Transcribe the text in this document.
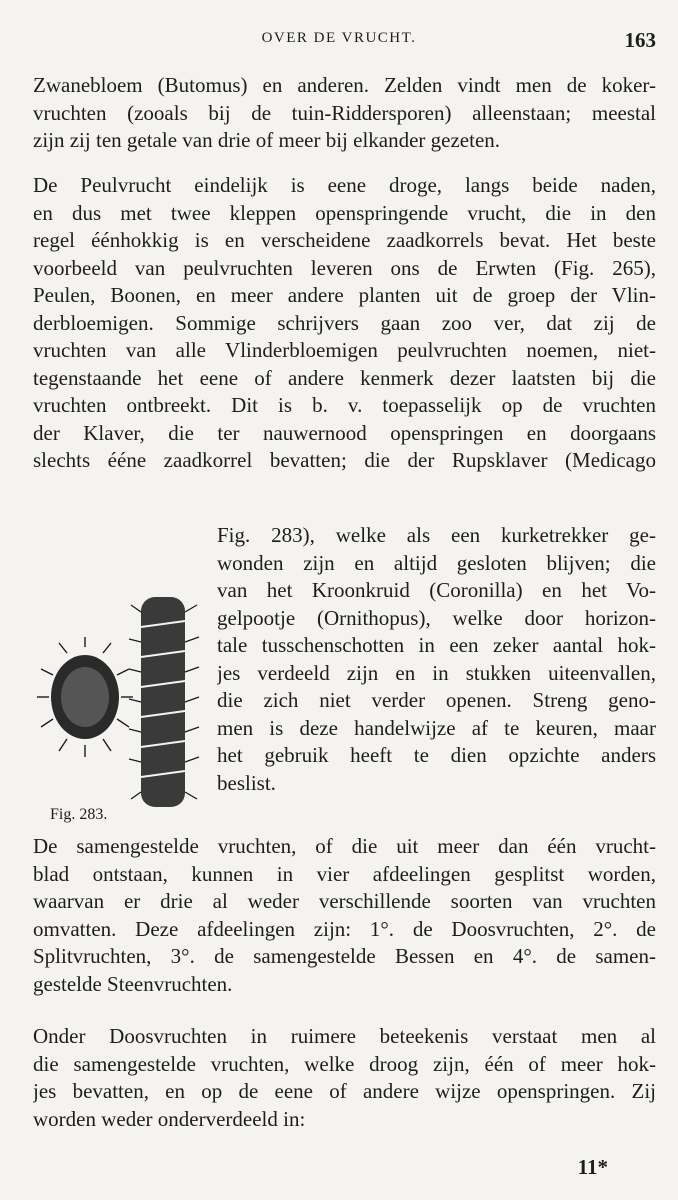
OVER DE VRUCHT.	163
Zwanebloem (Butomus) en anderen. Zelden vindt men de koker-
vruchten (zooals bij de tuin-Riddersporen) alleenstaan; meestal
zijn zij ten getale van drie of meer bij elkander gezeten.
De Peulvrucht eindelijk is eene droge, langs beide naden,
en dus met twee kleppen openspringende vrucht, die in den
regel éénhokkig is en verscheidene zaadkorrels bevat. Het beste
voorbeeld van peulvruchten leveren ons de Erwten (Fig. 265),
Peulen, Boonen, en meer andere planten uit de groep der Vlin-
derbloemigen. Sommige schrijvers gaan zoo ver, dat zij de
vruchten van alle Vlinderbloemigen peulvruchten noemen, niet-
tegenstaande het eene of andere kenmerk dezer laatsten bij die
vruchten ontbreekt. Dit is b. v. toepasselijk op de vruchten
der Klaver, die ter nauwernood openspringen en doorgaans
slechts ééne zaadkorrel bevatten; die der Rupsklaver (Medicago
Fig. 283), welke als een kurketrekker ge-
wonden zijn en altijd gesloten blijven; die
van het Kroonkruid (Coronilla) en het Vo-
gelpootje (Ornithopus), welke door horizon-
tale tusschenschotten in een zeker aantal hok-
jes verdeeld zijn en in stukken uiteenvallen,
die zich niet verder openen. Streng geno-
men is deze handelwijze af te keuren, maar
het gebruik heeft te dien opzichte anders
beslist.
Fig. 283.
De samengestelde vruchten, of die uit meer dan één vrucht-
blad ontstaan, kunnen in vier afdeelingen gesplitst worden,
waarvan er drie al weder verschillende soorten van vruchten
omvatten. Deze afdeelingen zijn: 1°. de Doosvruchten, 2°. de
Splitvruchten, 3°. de samengestelde Bessen en 4°. de samen-
gestelde Steenvruchten.
Onder Doosvruchten in ruimere beteekenis verstaat men al
die samengestelde vruchten, welke droog zijn, één of meer hok-
jes bevatten, en op de eene of andere wijze openspringen. Zij
worden weder onderverdeeld in:
11*
